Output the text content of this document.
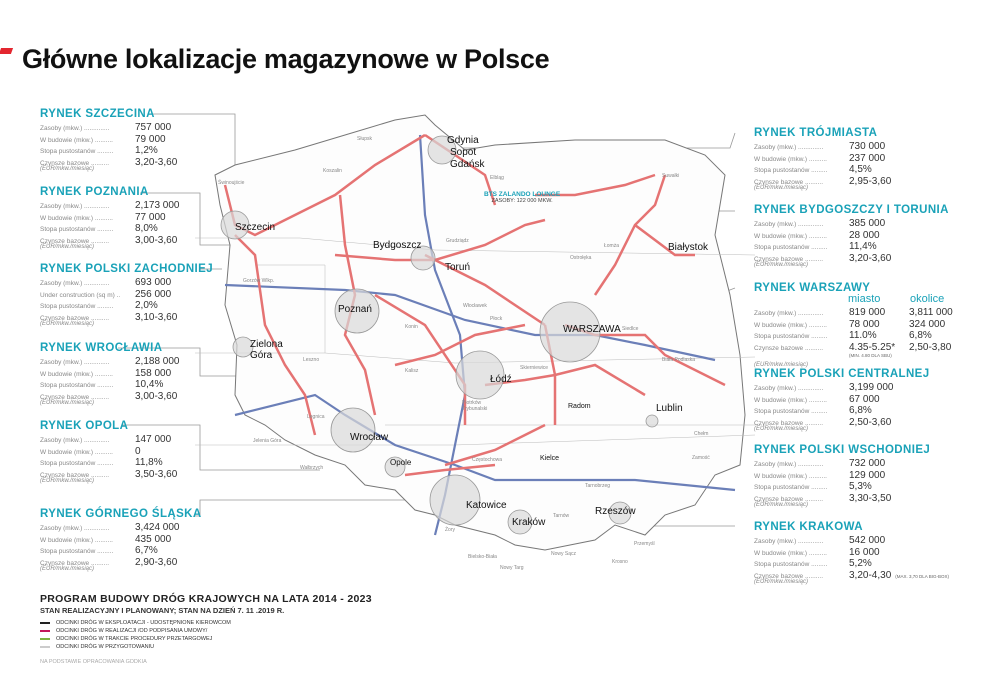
Główne lokalizacje magazynowe w Polsce
Gdynia
Sopot
Gdańsk
Szczecin
Bydgoszcz
Toruń
Białystok
Poznań
WARSZAWA
Zielona Góra
Łódź
Radom	Lublin
Wrocław
Opole	Kielce
Katowice
Kraków
Rzeszów
Słupsk
Koszalin
Świnoujście
Elbląg	Suwałki
Grudziądz
Łomża
Ostrołęka
Gorzów Wlkp.
Konin
Płock
Włocławek
Siedlce
Biała Podlaska
Leszno
Kalisz	Skierniewice
Piotrków Trybunalski
Legnica
Jelenia Góra
Wałbrzych
Częstochowa
Chełm
Zamość
Tarnobrzeg
Tarnów
Przemyśl
Krosno
Nowy Sącz
Bielsko-Biała
Nowy Targ
Żory
BTS ZALANDO LOUNGE
ZASOBY: 122 000 MKW.
RYNEK SZCZECINA
Zasoby (mkw.) ..............	757 000
W budowie (mkw.) ..........	79 000
Stopa pustostanów .........	1,2%
Czynsze bazowe ..........	3,20-3,60
(EUR/mkw./miesiąc)
RYNEK POZNANIA
Zasoby (mkw.) ..............	2,173 000
W budowie (mkw.) ..........	77 000
Stopa pustostanów .........	8,0%
Czynsze bazowe ..........	3,00-3,60
(EUR/mkw./miesiąc)
RYNEK POLSKI ZACHODNIEJ
Zasoby (mkw.) ..............	693 000
Under construction (sq m) ..	256 000
Stopa pustostanów .........	2,0%
Czynsze bazowe ..........	3,10-3,60
(EUR/mkw./miesiąc)
RYNEK WROCŁAWIA
Zasoby (mkw.) ..............	2,188 000
W budowie (mkw.) ..........	158 000
Stopa pustostanów .........	10,4%
Czynsze bazowe ..........	3,00-3,60
(EUR/mkw./miesiąc)
RYNEK OPOLA
Zasoby (mkw.) ..............	147 000
W budowie (mkw.) ..........	0
Stopa pustostanów .........	11,8%
Czynsze bazowe ..........	3,50-3,60
(EUR/mkw./miesiąc)
RYNEK GÓRNEGO ŚLĄSKA
Zasoby (mkw.) ..............	3,424 000
W budowie (mkw.) ..........	435 000
Stopa pustostanów .........	6,7%
Czynsze bazowe ..........	2,90-3,60
(EUR/mkw./miesiąc)
RYNEK TRÓJMIASTA
Zasoby (mkw.) ..............	730 000
W budowie (mkw.) ..........	237 000
Stopa pustostanów .........	4,5%
Czynsze bazowe ..........	2,95-3,60
(EUR/mkw./miesiąc)
RYNEK BYDGOSZCZY I TORUNIA
Zasoby (mkw.) ..............	385 000
W budowie (mkw.) ..........	28 000
Stopa pustostanów .........	11,4%
Czynsze bazowe ..........	3,20-3,60
(EUR/mkw./miesiąc)
RYNEK WARSZAWY
miasto	okolice
Zasoby (mkw.) ..............	819 000 3,811 000
W budowie (mkw.) ..........	78 000	324 000
Stopa pustostanów .........	11.0%	6,8%
Czynsze bazowe ..........	4.35-5.25* 2,50-3,80
(EUR/mkw./miesiąc)
(MIN. 4.80 DLA SBU)
RYNEK POLSKI CENTRALNEJ
Zasoby (mkw.) ..............	3,199 000
W budowie (mkw.) ..........	67 000
Stopa pustostanów .........	6,8%
Czynsze bazowe ..........	2,50-3,60
(EUR/mkw./miesiąc)
RYNEK POLSKI WSCHODNIEJ
Zasoby (mkw.) ..............	732 000
W budowie (mkw.) ..........	129 000
Stopa pustostanów .........	5,3%
Czynsze bazowe ..........	3,30-3,50
(EUR/mkw./miesiąc)
RYNEK KRAKOWA
Zasoby (mkw.) ..............	542 000
W budowie (mkw.) ..........	16 000
Stopa pustostanów .........	5,2%
Czynsze bazowe ..........	3,20-4,30 (MAX. 3,70 DLA BIG-BOX)
(EUR/mkw./miesiąc)
PROGRAM BUDOWY DRÓG KRAJOWYCH NA LATA 2014 - 2023
STAN REALIZACYJNY I PLANOWANY; STAN NA DZIEŃ 7. 11 .2019 R.
ODCINKI DRÓG W EKSPLOATACJI - UDOSTĘPNIONE KIEROWCOM
ODCINKI DRÓG W REALIZACJI /OD PODPISANIA UMOWY/
ODCINKI DRÓG W TRAKCIE PROCEDURY PRZETARGOWEJ
ODCINKI DRÓG W PRZYGOTOWANIU
NA PODSTAWIE OPRACOWANIA GDDKIA
